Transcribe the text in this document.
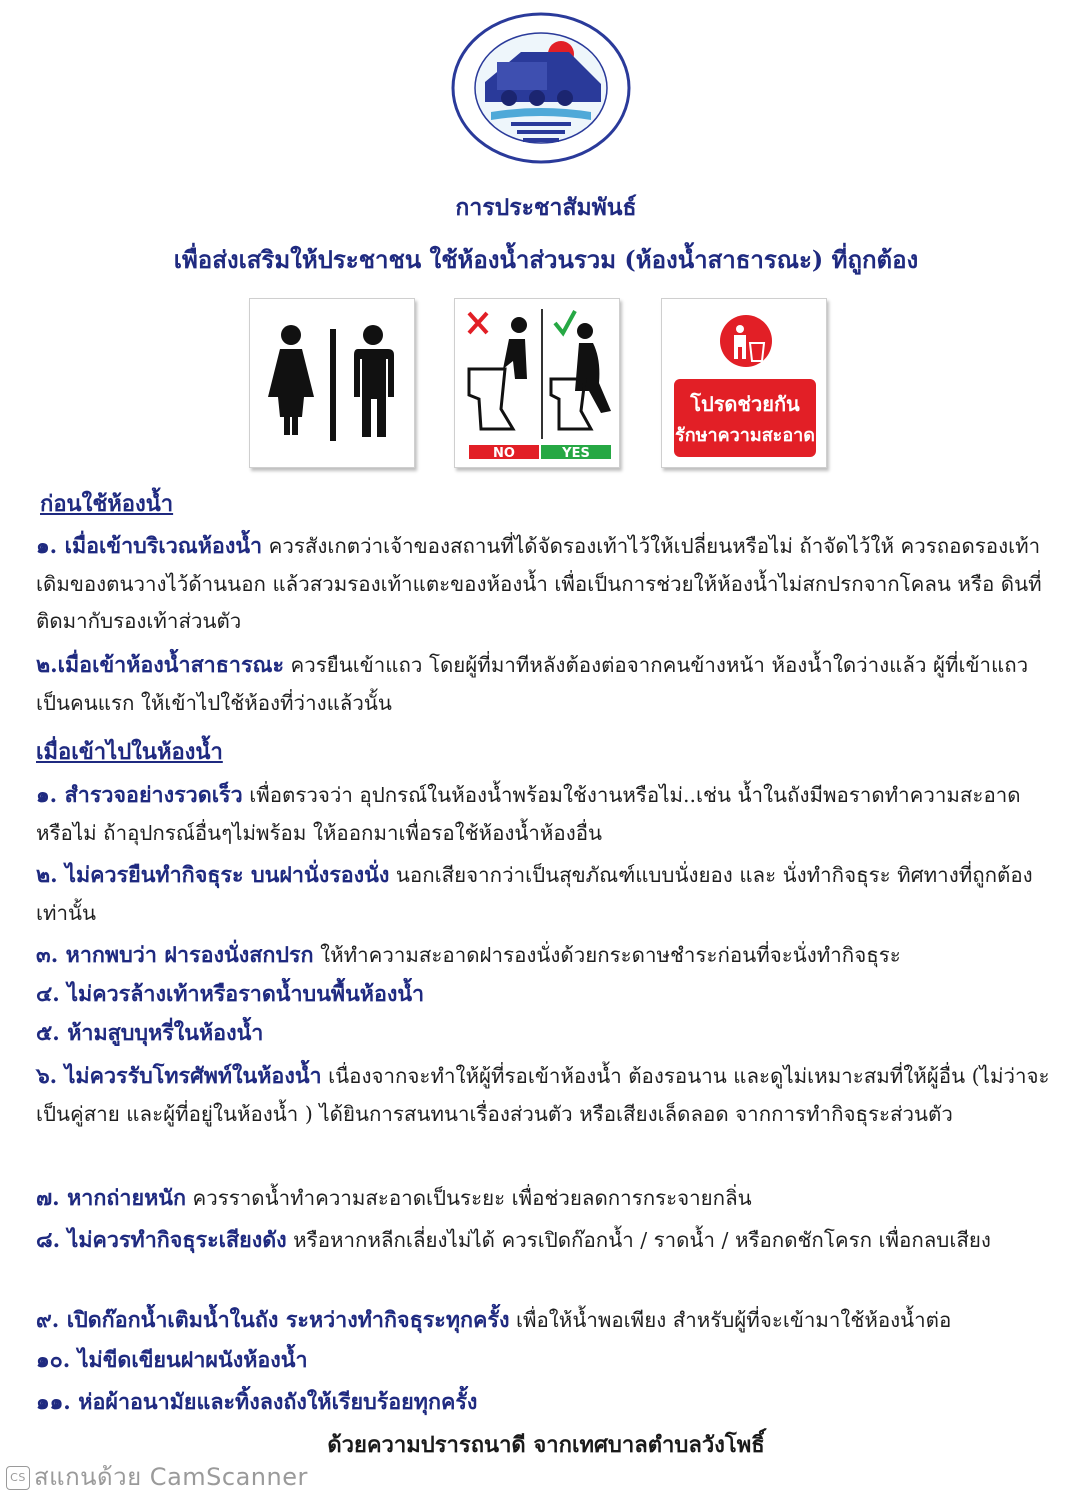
การประชาสัมพันธ์

เพื่อส่งเสริมให้ประชาชน ใช้ห้องน้ำส่วนรวม (ห้องน้ำสาธารณะ) ที่ถูกต้อง

NO	YES
โปรดช่วยกัน
รักษาความสะอาด

ก่อนใช้ห้องน้ำ

๑. เมื่อเข้าบริเวณห้องน้ำ ควรสังเกตว่าเจ้าของสถานที่ได้จัดรองเท้าไว้ให้เปลี่ยนหรือไม่ ถ้าจัดไว้ให้ ควรถอดรองเท้าเดิมของตนวางไว้ด้านนอก แล้วสวมรองเท้าแตะของห้องน้ำ เพื่อเป็นการช่วยให้ห้องน้ำไม่สกปรกจากโคลน หรือ ดินที่ติดมากับรองเท้าส่วนตัว

๒.เมื่อเข้าห้องน้ำสาธารณะ ควรยืนเข้าแถว โดยผู้ที่มาทีหลังต้องต่อจากคนข้างหน้า ห้องน้ำใดว่างแล้ว ผู้ที่เข้าแถวเป็นคนแรก ให้เข้าไปใช้ห้องที่ว่างแล้วนั้น

เมื่อเข้าไปในห้องน้ำ

๑. สำรวจอย่างรวดเร็ว เพื่อตรวจว่า อุปกรณ์ในห้องน้ำพร้อมใช้งานหรือไม่..เช่น น้ำในถังมีพอราดทำความสะอาดหรือไม่ ถ้าอุปกรณ์อื่นๆไม่พร้อม ให้ออกมาเพื่อรอใช้ห้องน้ำห้องอื่น

๒. ไม่ควรยืนทำกิจธุระ บนฝานั่งรองนั่ง นอกเสียจากว่าเป็นสุขภัณฑ์แบบนั่งยอง และ นั่งทำกิจธุระ ทิศทางที่ถูกต้องเท่านั้น

๓. หากพบว่า ฝารองนั่งสกปรก ให้ทำความสะอาดฝารองนั่งด้วยกระดาษชำระก่อนที่จะนั่งทำกิจธุระ

๔. ไม่ควรล้างเท้าหรือราดน้ำบนพื้นห้องน้ำ

๕. ห้ามสูบบุหรี่ในห้องน้ำ

๖. ไม่ควรรับโทรศัพท์ในห้องน้ำ เนื่องจากจะทำให้ผู้ที่รอเข้าห้องน้ำ ต้องรอนาน และดูไม่เหมาะสมที่ให้ผู้อื่น (ไม่ว่าจะเป็นคู่สาย และผู้ที่อยู่ในห้องน้ำ ) ได้ยินการสนทนาเรื่องส่วนตัว หรือเสียงเล็ดลอด จากการทำกิจธุระส่วนตัว

๗. หากถ่ายหนัก ควรราดน้ำทำความสะอาดเป็นระยะ เพื่อช่วยลดการกระจายกลิ่น

๘. ไม่ควรทำกิจธุระเสียงดัง หรือหากหลีกเลี่ยงไม่ได้ ควรเปิดก๊อกน้ำ / ราดน้ำ / หรือกดชักโครก เพื่อกลบเสียง

๙. เปิดก๊อกน้ำเติมน้ำในถัง ระหว่างทำกิจธุระทุกครั้ง เพื่อให้น้ำพอเพียง สำหรับผู้ที่จะเข้ามาใช้ห้องน้ำต่อ

๑๐. ไม่ขีดเขียนฝาผนังห้องน้ำ

๑๑. ห่อผ้าอนามัยและทิ้งลงถังให้เรียบร้อยทุกครั้ง

ด้วยความปรารถนาดี จากเทศบาลตำบลวังโพธิ์

CS สแกนด้วย CamScanner
